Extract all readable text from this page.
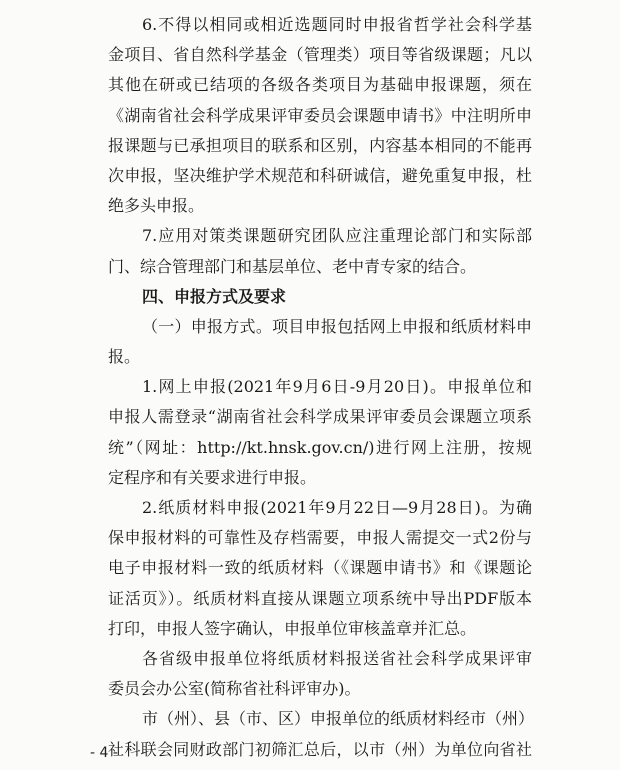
6.不得以相同或相近选题同时申报省哲学社会科学基
金项目、省自然科学基金（管理类）项目等省级课题；凡以
其他在研或已结项的各级各类项目为基础申报课题，须在
《湖南省社会科学成果评审委员会课题申请书》中注明所申
报课题与已承担项目的联系和区别，内容基本相同的不能再
次申报，坚决维护学术规范和科研诚信，避免重复申报，杜
绝多头申报。
7.应用对策类课题研究团队应注重理论部门和实际部
门、综合管理部门和基层单位、老中青专家的结合。
四、申报方式及要求
（一）申报方式。项目申报包括网上申报和纸质材料申
报。
1.网上申报(2021年9月6日-9月20日)。申报单位和
申报人需登录“湖南省社会科学成果评审委员会课题立项系
统”（网址：http://kt.hnsk.gov.cn/)进行网上注册，按规
定程序和有关要求进行申报。
2.纸质材料申报(2021年9月22日—9月28日)。为确
保申报材料的可靠性及存档需要，申报人需提交一式2份与
电子申报材料一致的纸质材料（《课题申请书》和《课题论
证活页》）。纸质材料直接从课题立项系统中导出PDF版本
打印，申报人签字确认，申报单位审核盖章并汇总。
各省级申报单位将纸质材料报送省社会科学成果评审
委员会办公室(简称省社科评审办)。
市（州）、县（市、区）申报单位的纸质材料经市（州）
社科联会同财政部门初筛汇总后，以市（州）为单位向省社
- 4 -
